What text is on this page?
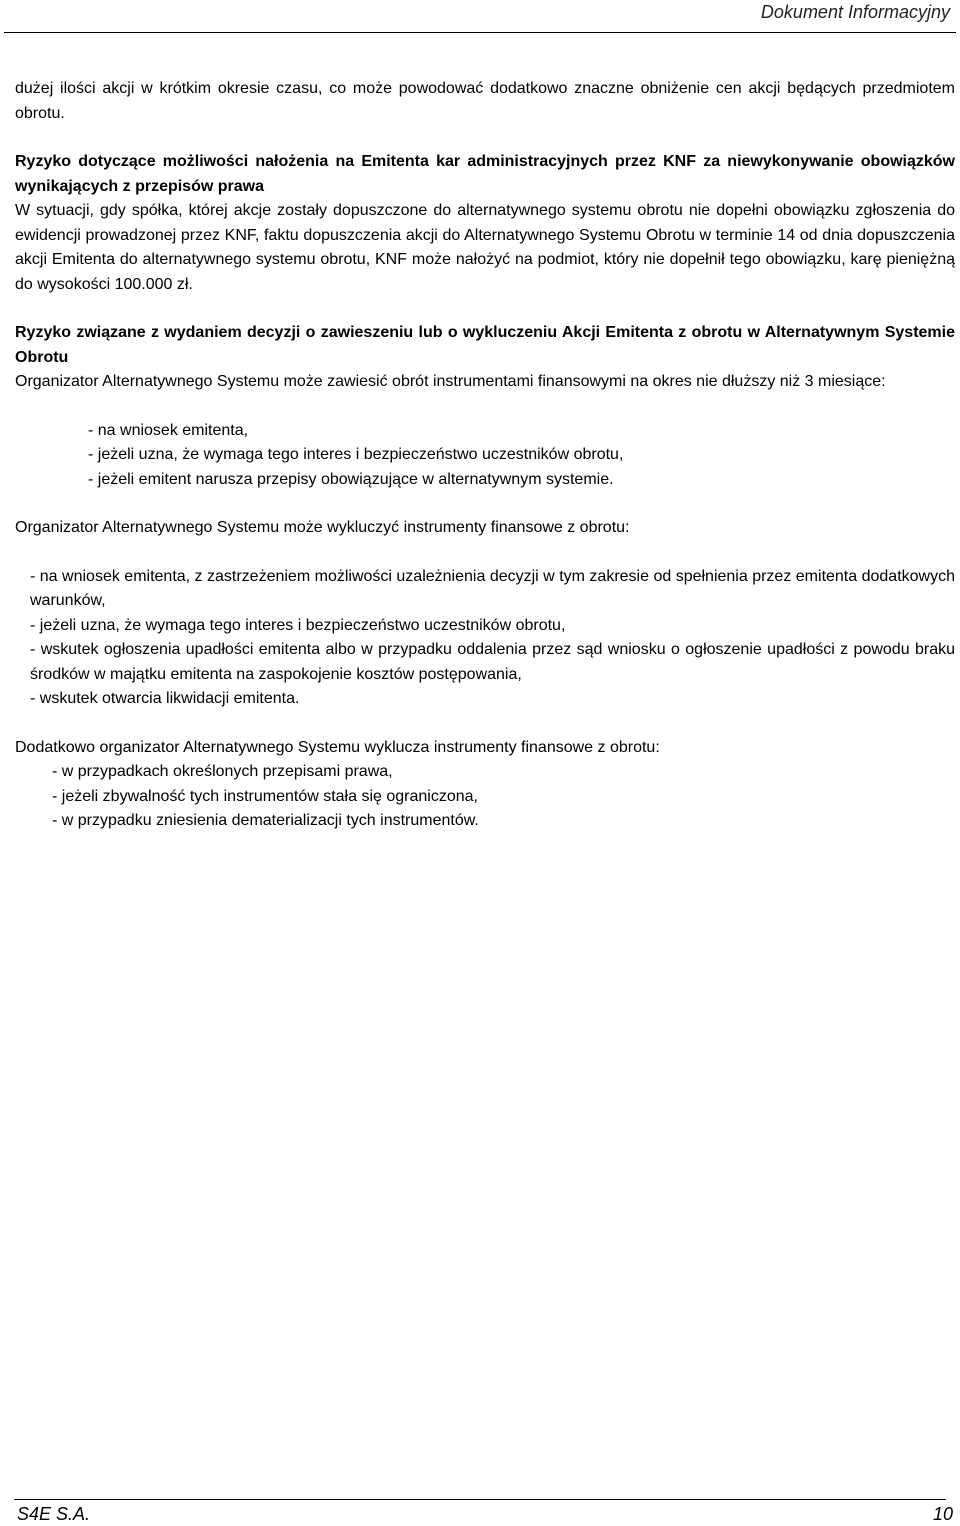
Dokument Informacyjny

dużej ilości akcji w krótkim okresie czasu, co może powodować dodatkowo znaczne obniżenie cen akcji będących przedmiotem obrotu.

Ryzyko dotyczące możliwości nałożenia na Emitenta kar administracyjnych przez KNF za niewykonywanie obowiązków wynikających z przepisów prawa

W sytuacji, gdy spółka, której akcje zostały dopuszczone do alternatywnego systemu obrotu nie dopełni obowiązku zgłoszenia do ewidencji prowadzonej przez KNF, faktu dopuszczenia akcji do Alternatywnego Systemu Obrotu w terminie 14 od dnia dopuszczenia akcji Emitenta do alternatywnego systemu obrotu, KNF może nałożyć na podmiot, który nie dopełnił tego obowiązku, karę pieniężną do wysokości 100.000 zł.

Ryzyko związane z wydaniem decyzji o zawieszeniu lub o wykluczeniu Akcji Emitenta z obrotu w Alternatywnym Systemie Obrotu

Organizator Alternatywnego Systemu może zawiesić obrót instrumentami finansowymi na okres nie dłuższy niż 3 miesiące:

- na wniosek emitenta,
- jeżeli uzna, że wymaga tego interes i bezpieczeństwo uczestników obrotu,
- jeżeli emitent narusza przepisy obowiązujące w alternatywnym systemie.

Organizator Alternatywnego Systemu może wykluczyć instrumenty finansowe z obrotu:

- na wniosek emitenta, z zastrzeżeniem możliwości uzależnienia decyzji w tym zakresie od spełnienia przez emitenta dodatkowych warunków,
- jeżeli uzna, że wymaga tego interes i bezpieczeństwo uczestników obrotu,
- wskutek ogłoszenia upadłości emitenta albo w przypadku oddalenia przez sąd wniosku o ogłoszenie upadłości z powodu braku środków w majątku emitenta na zaspokojenie kosztów postępowania,
- wskutek otwarcia likwidacji emitenta.

Dodatkowo organizator Alternatywnego Systemu wyklucza instrumenty finansowe z obrotu:

- w przypadkach określonych przepisami prawa,
- jeżeli zbywalność tych instrumentów stała się ograniczona,
- w przypadku zniesienia dematerializacji tych instrumentów.
S4E S.A.	10
